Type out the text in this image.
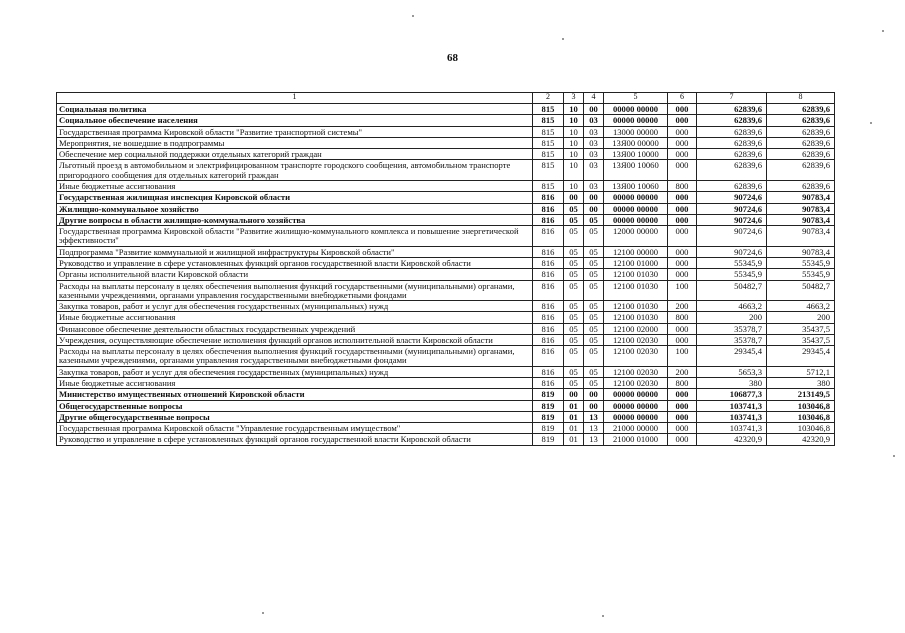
68
1	2	3	4	5	6	7	8
Социальная политика	815	10	00	00000 00000	000	62839,6	62839,6
Социальное обеспечение населения	815	10	03	00000 00000	000	62839,6	62839,6
Государственная программа Кировской области "Развитие транспортной системы"	815	10	03	13000 00000	000	62839,6	62839,6
Мероприятия, не вошедшие в подпрограммы	815	10	03	13Я00 00000	000	62839,6	62839,6
Обеспечение мер социальной поддержки отдельных категорий граждан	815	10	03	13Я00 10000	000	62839,6	62839,6
Льготный проезд в автомобильном и электрифицированном транспорте городского сообщения, автомобильном транспорте пригородного сообщения для отдельных категорий граждан	815	10	03	13Я00 10060	000	62839,6	62839,6
Иные бюджетные ассигнования	815	10	03	13Я00 10060	800	62839,6	62839,6
Государственная жилищная инспекция Кировской области	816	00	00	00000 00000	000	90724,6	90783,4
Жилищно-коммунальное хозяйство	816	05	00	00000 00000	000	90724,6	90783,4
Другие вопросы в области жилищно-коммунального хозяйства	816	05	05	00000 00000	000	90724,6	90783,4
Государственная программа Кировской области "Развитие жилищно-коммунального комплекса и повышение энергетической эффективности"	816	05	05	12000 00000	000	90724,6	90783,4
Подпрограмма "Развитие коммунальной и жилищной инфраструктуры Кировской области"	816	05	05	12100 00000	000	90724,6	90783,4
Руководство и управление в сфере установленных функций органов государственной власти Кировской области	816	05	05	12100 01000	000	55345,9	55345,9
Органы исполнительной власти Кировской области	816	05	05	12100 01030	000	55345,9	55345,9
Расходы на выплаты персоналу в целях обеспечения выполнения функций государственными (муниципальными) органами, казенными учреждениями, органами управления государственными внебюджетными фондами	816	05	05	12100 01030	100	50482,7	50482,7
Закупка товаров, работ и услуг для обеспечения государственных (муниципальных) нужд	816	05	05	12100 01030	200	4663,2	4663,2
Иные бюджетные ассигнования	816	05	05	12100 01030	800	200	200
Финансовое обеспечение деятельности областных государственных учреждений	816	05	05	12100 02000	000	35378,7	35437,5
Учреждения, осуществляющие обеспечение исполнения функций органов исполнительной власти Кировской области	816	05	05	12100 02030	000	35378,7	35437,5
Расходы на выплаты персоналу в целях обеспечения выполнения функций государственными (муниципальными) органами, казенными учреждениями, органами управления государственными внебюджетными фондами	816	05	05	12100 02030	100	29345,4	29345,4
Закупка товаров, работ и услуг для обеспечения государственных (муниципальных) нужд	816	05	05	12100 02030	200	5653,3	5712,1
Иные бюджетные ассигнования	816	05	05	12100 02030	800	380	380
Министерство имущественных отношений Кировской области	819	00	00	00000 00000	000	106877,3	213149,5
Общегосударственные вопросы	819	01	00	00000 00000	000	103741,3	103046,8
Другие общегосударственные вопросы	819	01	13	00000 00000	000	103741,3	103046,8
Государственная программа Кировской области "Управление государственным имуществом"	819	01	13	21000 00000	000	103741,3	103046,8
Руководство и управление в сфере установленных функций органов государственной власти Кировской области	819	01	13	21000 01000	000	42320,9	42320,9
